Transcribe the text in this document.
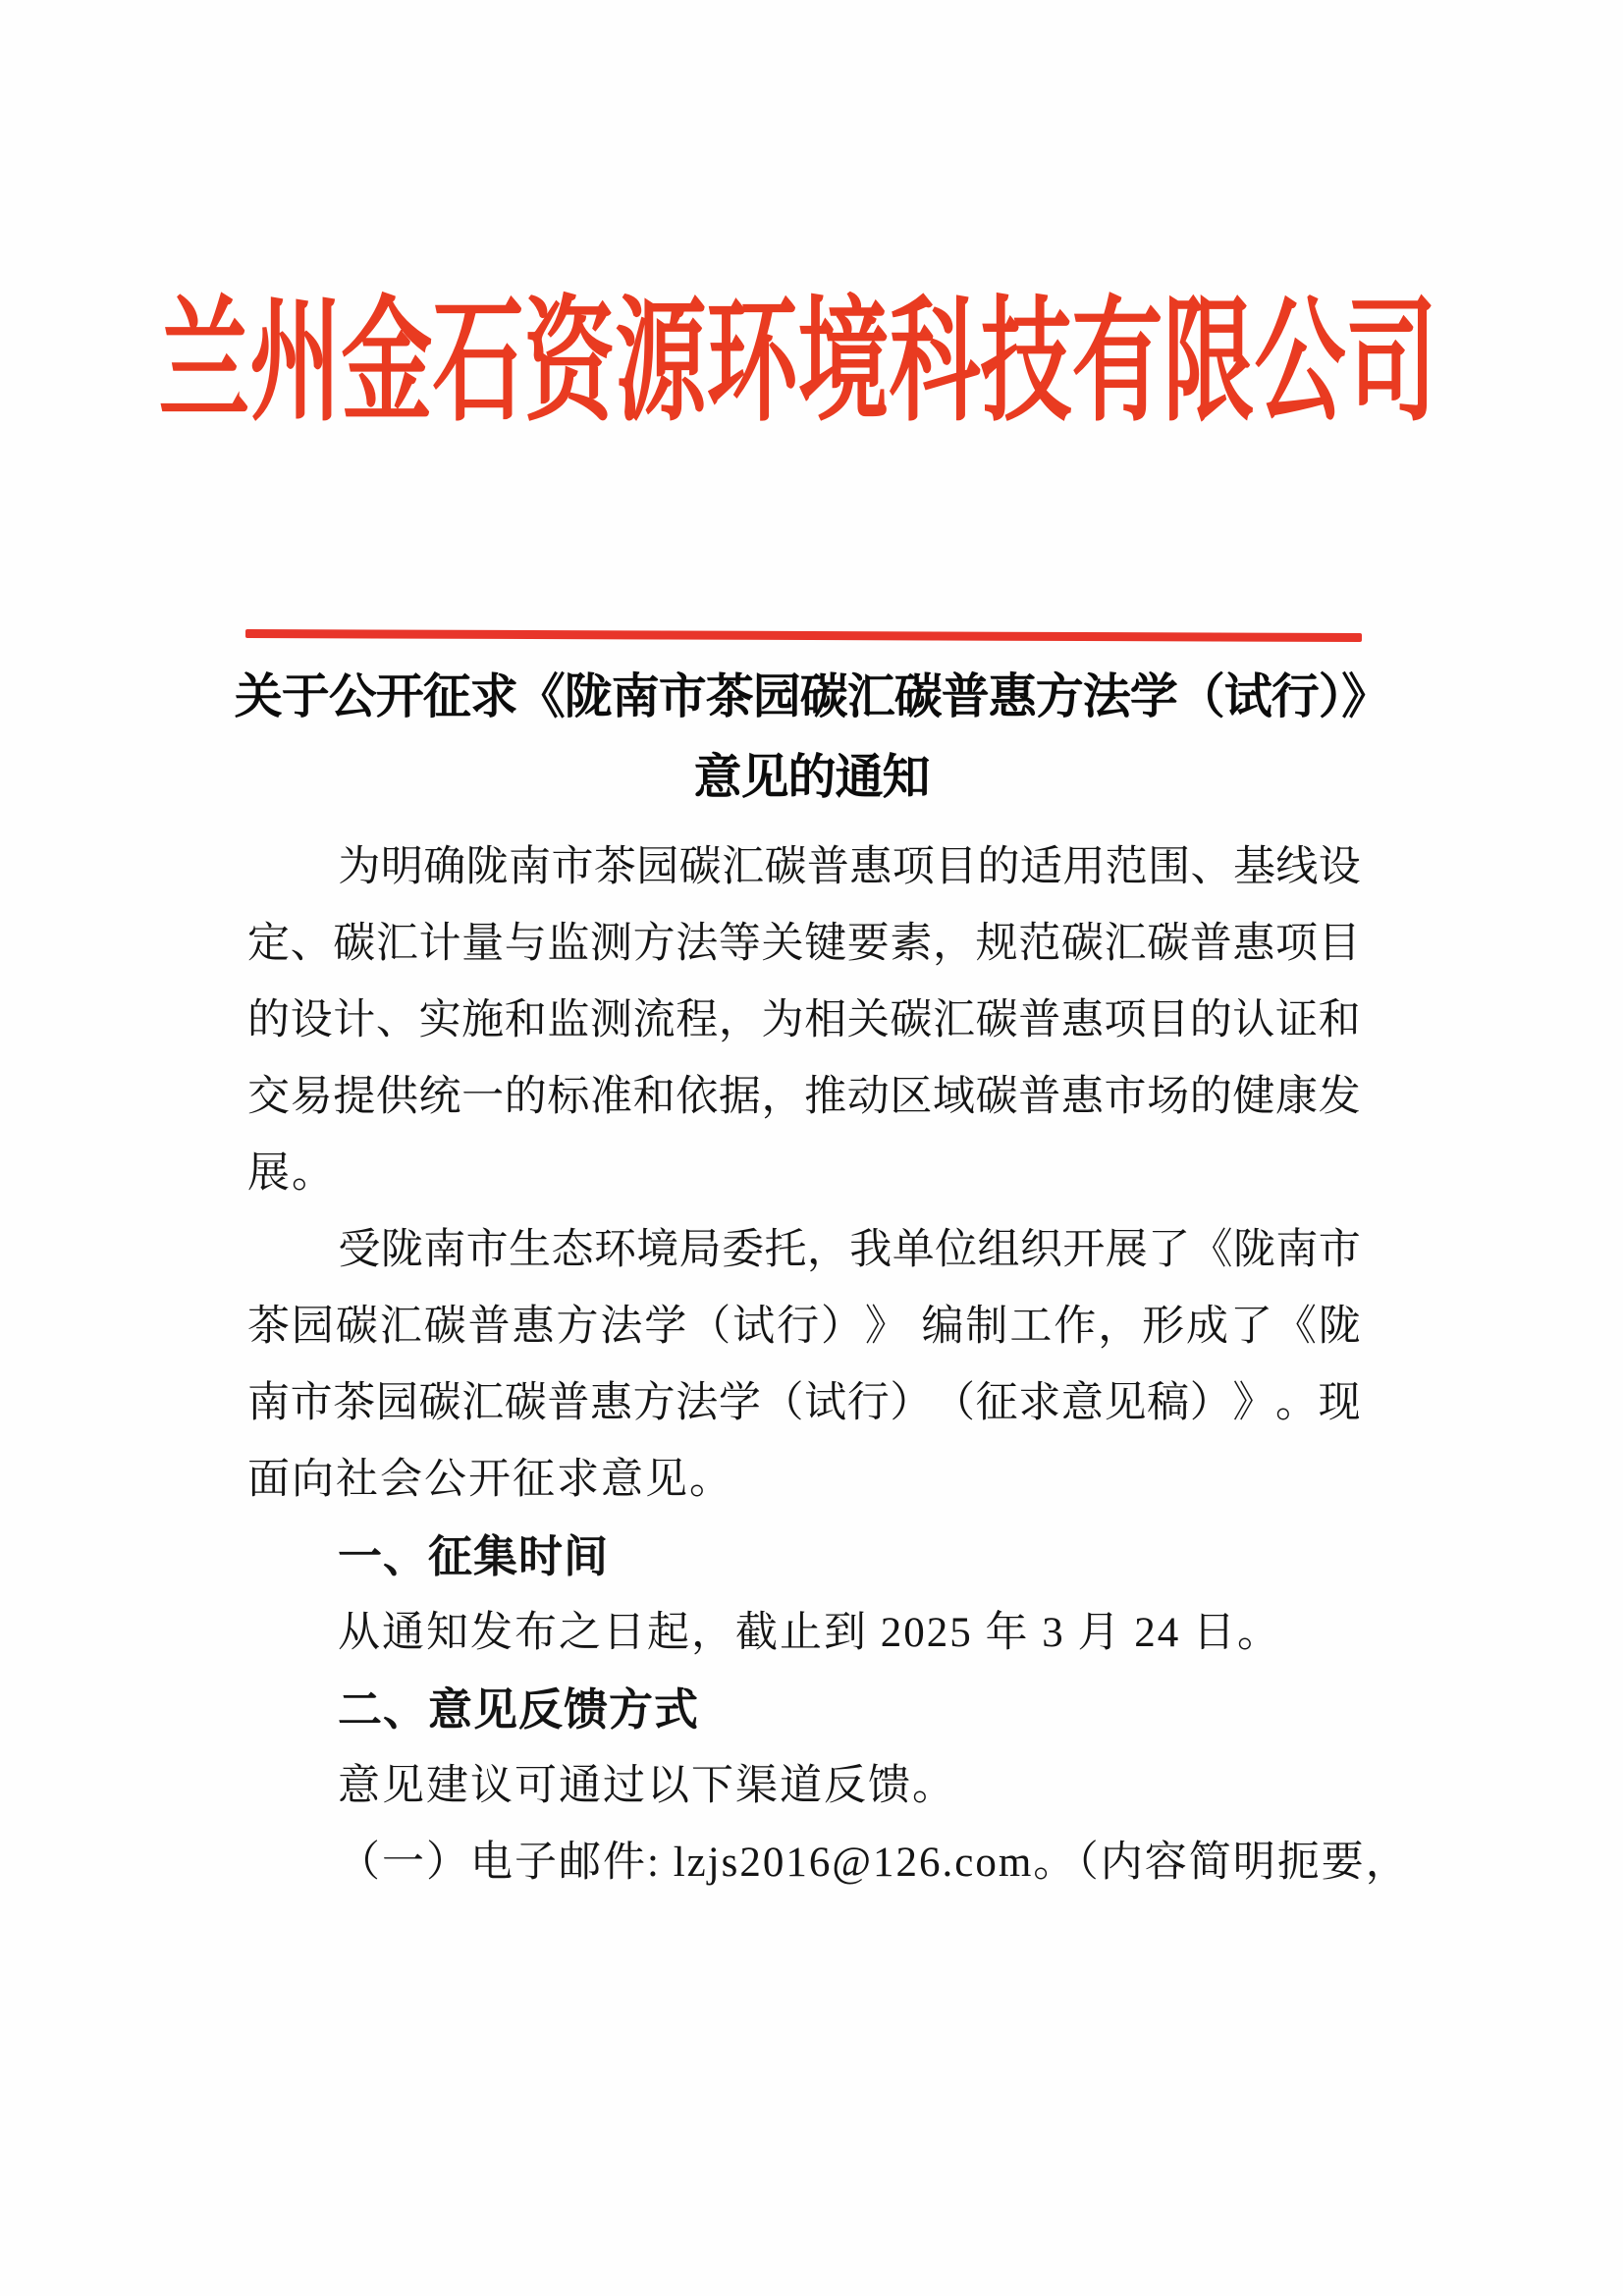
兰州金石资源环境科技有限公司
关于公开征求《陇南市茶园碳汇碳普惠方法学（试行）》
意见的通知
为 明 确 陇 南 市 茶 园 碳 汇 碳 普 惠 项 目 的 适 用 范 围 、 基 线 设
定 、 碳 汇 计 量 与 监 测 方 法 等 关 键 要 素 ， 规 范 碳 汇 碳 普 惠 项 目
的 设 计 、 实 施 和 监 测 流 程 ， 为 相 关 碳 汇 碳 普 惠 项 目 的 认 证 和
交 易 提 供 统 一 的 标 准 和 依 据 ， 推 动 区 域 碳 普 惠 市 场 的 健 康 发
展。
受 陇 南 市 生 态 环 境 局 委 托 ， 我 单 位 组 织 开 展 了 《 陇 南 市
茶 园 碳 汇 碳 普 惠 方 法 学 （ 试 行 ） 》
编 制 工 作 ， 形 成 了 《 陇
南 市 茶 园 碳 汇 碳 普 惠 方 法 学 （ 试 行 ） （ 征 求 意 见 稿 ） 》 。 现
面向社会公开征求意见。
一、征集时间
从通知发布之日起，截止到 2025 年 3 月 24 日。
二、意见反馈方式
意见建议可通过以下渠道反馈。
（一）电子邮件: lzjs2016@126.com。（内容简明扼要，
